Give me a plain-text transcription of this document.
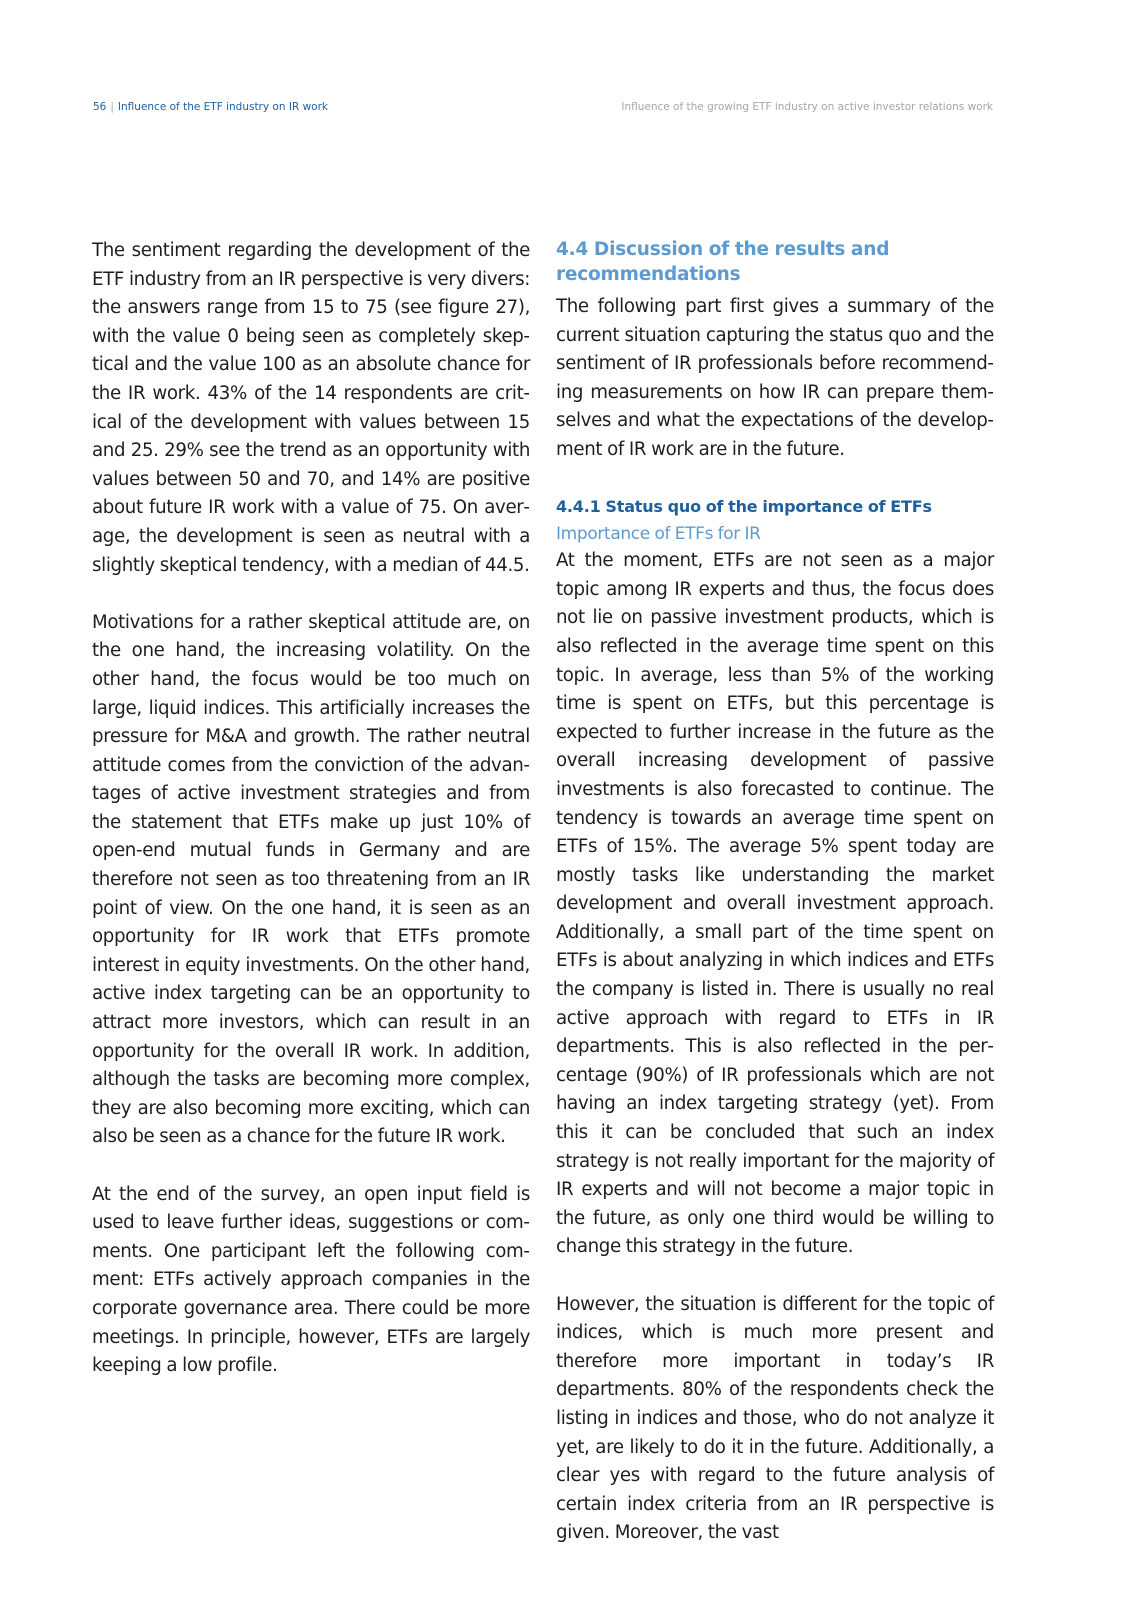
56 | Influence of the ETF industry on IR work	Influence of the growing ETF industry on active investor relations work

The sentiment regarding the development of the ETF industry from an IR perspective is very divers: the answers range from 15 to 75 (see figure 27), with the value 0 being seen as completely skeptical and the value 100 as an absolute chance for the IR work. 43% of the 14 respondents are critical of the development with values between 15 and 25. 29% see the trend as an opportunity with values between 50 and 70, and 14% are positive about future IR work with a value of 75. On average, the development is seen as neutral with a slightly skeptical tendency, with a median of 44.5.

Motivations for a rather skeptical attitude are, on the one hand, the increasing volatility. On the other hand, the focus would be too much on large, liquid indices. This artificially increases the pressure for M&A and growth. The rather neutral attitude comes from the conviction of the advantages of active investment strategies and from the statement that ETFs make up just 10% of open-end mutual funds in Germany and are therefore not seen as too threatening from an IR point of view. On the one hand, it is seen as an opportunity for IR work that ETFs promote interest in equity investments. On the other hand, active index targeting can be an opportunity to attract more investors, which can result in an opportunity for the overall IR work. In addition, although the tasks are becoming more complex, they are also becoming more exciting, which can also be seen as a chance for the future IR work.

At the end of the survey, an open input field is used to leave further ideas, suggestions or comments. One participant left the following comment: ETFs actively approach companies in the corporate governance area. There could be more meetings. In principle, however, ETFs are largely keeping a low profile.

4.4 Discussion of the results and recommendations

The following part first gives a summary of the current situation capturing the status quo and the sentiment of IR professionals before recommending measurements on how IR can prepare themselves and what the expectations of the development of IR work are in the future.

4.4.1 Status quo of the importance of ETFs
Importance of ETFs for IR

At the moment, ETFs are not seen as a major topic among IR experts and thus, the focus does not lie on passive investment products, which is also reflected in the average time spent on this topic. In average, less than 5% of the working time is spent on ETFs, but this percentage is expected to further increase in the future as the overall increasing development of passive investments is also forecasted to continue. The tendency is towards an average time spent on ETFs of 15%. The average 5% spent today are mostly tasks like understanding the market development and overall investment approach. Additionally, a small part of the time spent on ETFs is about analyzing in which indices and ETFs the company is listed in. There is usually no real active approach with regard to ETFs in IR departments. This is also reflected in the percentage (90%) of IR professionals which are not having an index targeting strategy (yet). From this it can be concluded that such an index strategy is not really important for the majority of IR experts and will not become a major topic in the future, as only one third would be willing to change this strategy in the future.

However, the situation is different for the topic of indices, which is much more present and therefore more important in today’s IR departments. 80% of the respondents check the listing in indices and those, who do not analyze it yet, are likely to do it in the future. Additionally, a clear yes with regard to the future analysis of certain index criteria from an IR perspective is given. Moreover, the vast
